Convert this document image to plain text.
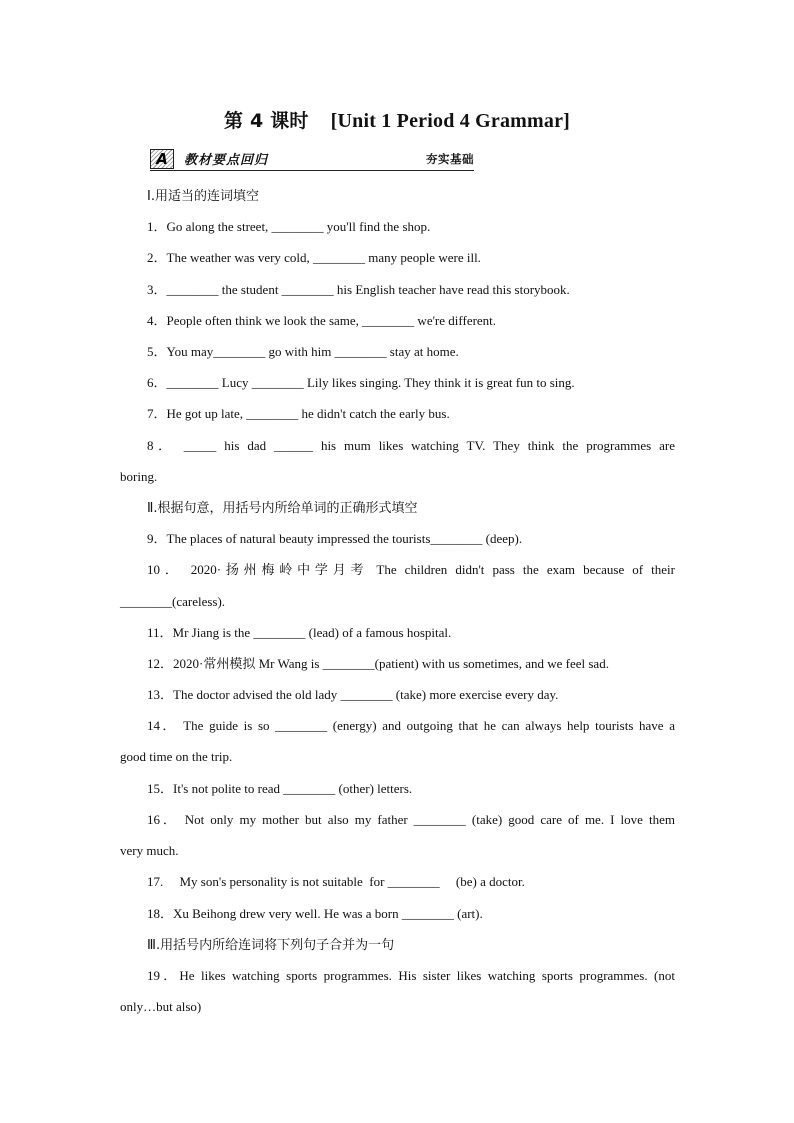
第 4 课时 [Unit 1 Period 4 Grammar]
A	教材要点回归	夯实基础
Ⅰ.用适当的连词填空
1．Go along the street, ________ you'll find the shop.
2．The weather was very cold, ________ many people were ill.
3．________ the student ________ his English teacher have read this storybook.
4．People often think we look the same, ________ we're different.
5．You may________ go with him ________ stay at home.
6．________ Lucy ________ Lily likes singing. They think it is great fun to sing.
7．He got up late, ________ he didn't catch the early bus.
8． _____ his dad ______ his mum likes watching TV. They think the programmes are
boring.
Ⅱ.根据句意，用括号内所给单词的正确形式填空
9．The places of natural beauty impressed the tourists________ (deep).
10． 2020·扬州梅岭中学月考 The children didn't pass the exam because of their
________(careless).
11．Mr Jiang is the ________ (lead) of a famous hospital.
12．2020·常州模拟 Mr Wang is ________(patient) with us sometimes, and we feel sad.
13．The doctor advised the old lady ________ (take) more exercise every day.
14． The guide is so ________ (energy) and outgoing that he can always help tourists have a
good time on the trip.
15．It's not polite to read ________ (other) letters.
16． Not only my mother but also my father ________ (take) good care of me. I love them
very much.
17.     My son's personality is not suitable  for ________     (be) a doctor.
18．Xu Beihong drew very well. He was a born ________ (art).
Ⅲ.用括号内所给连词将下列句子合并为一句
19．He likes watching sports programmes. His sister likes watching sports programmes. (not
only…but also)
